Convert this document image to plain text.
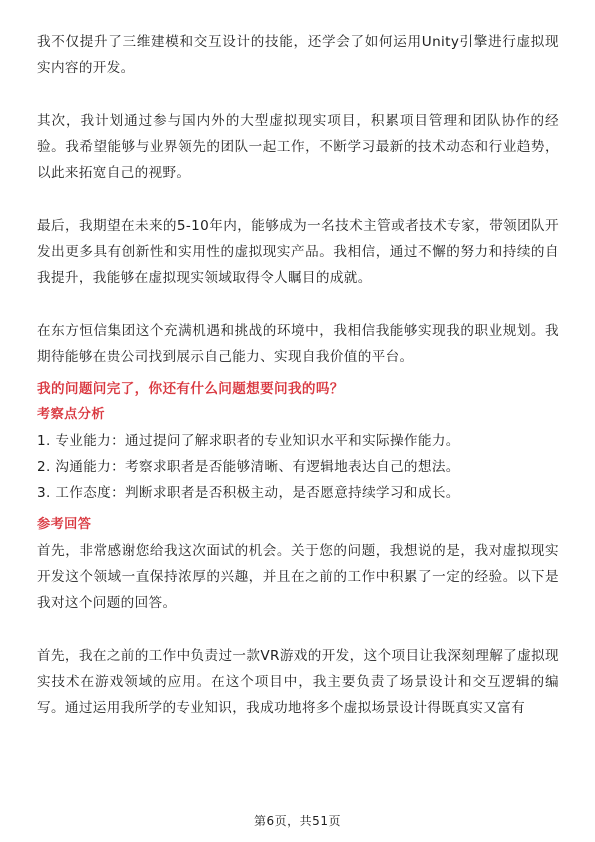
我不仅提升了三维建模和交互设计的技能，还学会了如何运用Unity引擎进行虚拟现实内容的开发。

其次，我计划通过参与国内外的大型虚拟现实项目，积累项目管理和团队协作的经验。我希望能够与业界领先的团队一起工作，不断学习最新的技术动态和行业趋势，以此来拓宽自己的视野。

最后，我期望在未来的5-10年内，能够成为一名技术主管或者技术专家，带领团队开发出更多具有创新性和实用性的虚拟现实产品。我相信，通过不懈的努力和持续的自我提升，我能够在虚拟现实领域取得令人瞩目的成就。

在东方恒信集团这个充满机遇和挑战的环境中，我相信我能够实现我的职业规划。我期待能够在贵公司找到展示自己能力、实现自我价值的平台。

我的问题问完了，你还有什么问题想要问我的吗？

考察点分析

1. 专业能力：通过提问了解求职者的专业知识水平和实际操作能力。
2. 沟通能力：考察求职者是否能够清晰、有逻辑地表达自己的想法。
3. 工作态度：判断求职者是否积极主动，是否愿意持续学习和成长。

参考回答

首先，非常感谢您给我这次面试的机会。关于您的问题，我想说的是，我对虚拟现实开发这个领域一直保持浓厚的兴趣，并且在之前的工作中积累了一定的经验。以下是我对这个问题的回答。

首先，我在之前的工作中负责过一款VR游戏的开发，这个项目让我深刻理解了虚拟现实技术在游戏领域的应用。在这个项目中，我主要负责了场景设计和交互逻辑的编写。通过运用我所学的专业知识，我成功地将多个虚拟场景设计得既真实又富有

第6页，共51页
